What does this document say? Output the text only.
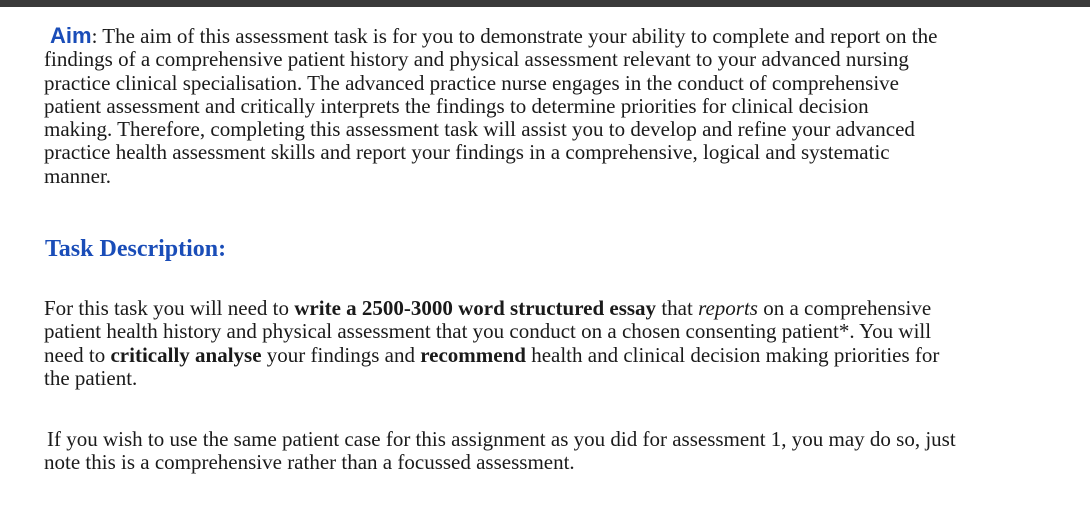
Aim: The aim of this assessment task is for you to demonstrate your ability to complete and report on the
findings of a comprehensive patient history and physical assessment relevant to your advanced nursing
practice clinical specialisation. The advanced practice nurse engages in the conduct of comprehensive
patient assessment and critically interprets the findings to determine priorities for clinical decision
making. Therefore, completing this assessment task will assist you to develop and refine your advanced
practice health assessment skills and report your findings in a comprehensive, logical and systematic
manner.

Task Description:

For this task you will need to write a 2500-3000 word structured essay that reports on a comprehensive
patient health history and physical assessment that you conduct on a chosen consenting patient*. You will
need to critically analyse your findings and recommend health and clinical decision making priorities for
the patient.

If you wish to use the same patient case for this assignment as you did for assessment 1, you may do so, just
note this is a comprehensive rather than a focussed assessment.
